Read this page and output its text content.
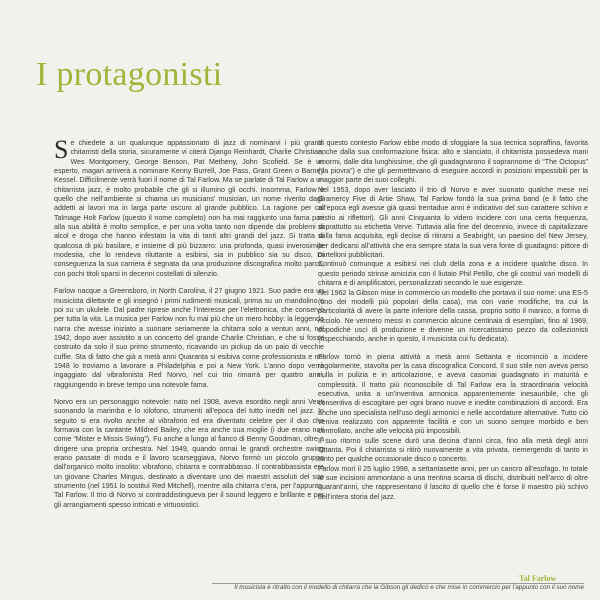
I protagonisti

Se chiedete a un qualunque appassionato di jazz di nominarvi i più grandi chitarristi della storia, sicuramente vi citerà Django Reinhardt, Charlie Christian, Wes Montgomery, George Benson, Pat Metheny, John Scofield. Se è un esperto, magari arriverà a nominare Kenny Burrell, Joe Pass, Grant Green o Barney Kessel. Difficilmente verrà fuori il nome di Tal Farlow. Ma se parlate di Tal Farlow a un chitarrista jazz, è molto probabile che gli si illumino gli occhi. Insomma, Farlow è quello che nell’ambiente si chiama un musicians’ musician, un nome riverito dagli addetti ai lavori ma in larga parte oscuro al grande pubblico. La ragione per cui Talmage Holt Farlow (questo il nome completo) non ha mai raggiunto una fama pari alla sua abilità è molto semplice, e per una volta tanto non dipende dai problemi di alcol e droga che hanno infestato la vita di tanti altri grandi del jazz. Si tratta di qualcosa di più basilare, e insieme di più bizzarro: una profonda, quasi inverosimile modestia, che lo rendeva riluttante a esibirsi, sia in pubblico sia su disco. Di conseguenza la sua carriera è segnata da una produzione discografica molto parca, con pochi titoli sparsi in decenni costellati di silenzio.

Farlow nacque a Greensboro, in North Carolina, il 27 giugno 1921. Suo padre era un musicista dilettante e gli insegnò i primi rudimenti musicali, prima su un mandolino e poi su un ukulele. Dal padre riprese anche l’interesse per l’elettronica, che conservò per tutta la vita. La musica per Farlow non fu mai più che un mero hobby: la leggenda narra che avesse iniziato a suonare seriamente la chitarra solo a ventun anni, nel 1942, dopo aver assistito a un concerto del grande Charlie Christian, e che si fosse costruito da solo il suo primo strumento, ricavando un pickup da un paio di vecchie cuffie. Sta di fatto che già a metà anni Quaranta si esibiva come professionista e nel 1948 lo troviamo a lavorare a Philadelphia e poi a New York. L’anno dopo verrà ingaggiato dal vibrafonista Red Norvo, nel cui trio rimarrà per quattro anni, raggiungendo in breve tempo una notevole fama.

Norvo era un personaggio notevole: nato nel 1908, aveva esordito negli anni Venti suonando la marimba e lo xilofono, strumenti all’epoca del tutto inediti nel jazz. In seguito si era rivolto anche al vibrafono ed era diventato celebre per il duo che formava con la cantante Mildred Bailey, che era anche sua moglie (i due erano noti come “Mister e Missis Swing”). Fu anche a lungo al fianco di Benny Goodman, oltre a dirigere una propria orchestra. Nel 1949, quando ormai le grandi orchestre swing erano passate di moda e il lavoro scarseggiava, Norvo formò un piccolo gruppo dall’organico molto insolito: vibrafono, chitarra e contrabbasso. Il contrabbassista era un giovane Charles Mingus, destinato a diventare uno dei maestri assoluti del suo strumento (nel 1951 lo sostituì Red Mitchell), mentre alla chitarra c’era, per l’appunto, Tal Farlow. Il trio di Norvo si contraddistingueva per il sound leggero e brillante e per gli arrangiamenti spesso intricati e virtuosistici.

In questo contesto Farlow ebbe modo di sfoggiare la sua tecnica sopraffina, favorita anche dalla sua conformazione fisica: alto e slanciato, il chitarrista possedeva mani enormi, dalle dita lunghissime, che gli guadagnarono il soprannome di “The Octopus” (“la piovra”) e che gli permettevano di eseguire accordi in posizioni impossibili per la maggior parte dei suoi colleghi.

Nel 1953, dopo aver lasciato il trio di Norvo e aver suonato qualche mese nei Gramercy Five di Artie Shaw, Tal Farlow fondò la sua prima band (e il fatto che all’epoca egli avesse già quasi trentadue anni è indicativo del suo carattere schivo e restio ai riflettori). Gli anni Cinquanta lo videro incidere con una certa frequenza, soprattutto su etichetta Verve. Tuttavia alla fine del decennio, invece di capitalizzare sulla fama acquisita, egli decise di ritirarsi a Seabright, un paesino del New Jersey, per dedicarsi all’attività che era sempre stata la sua vera fonte di guadagno: pittore di cartelloni pubblicitari.

Continuò comunque a esibirsi nei club della zona e a incidere qualche disco. In questo periodo strinse amicizia con il liutaio Phil Petillo, che gli costruì vari modelli di chitarra e di amplificatori, personalizzati secondo le sue esigenze.

Nel 1962 la Gibson mise in commercio un modello che portava il suo nome: una ES-5 (uno dei modelli più popolari della casa), ma con varie modifiche, tra cui la particolarità di avere la parte inferiore della cassa, proprio sotto il manico, a forma di ricciolo. Ne vennero messi in commercio alcune centinaia di esemplari, fino al 1969, dopodiché uscì di produzione e divenne un ricercatissimo pezzo da collezionisti (rispecchiando, anche in questo, il musicista cui fu dedicata).

Farlow tornò in piena attività a metà anni Settanta e ricominciò a incidere regolarmente, stavolta per la casa discografica Concord. Il suo stile non aveva perso nulla in pulizia e in articolazione, e aveva casomai guadagnato in maturità e complessità. Il tratto più riconoscibile di Tal Farlow era la straordinaria velocità esecutiva, unita a un’inventiva armonica apparentemente inesauribile, che gli consentiva di escogitare per ogni brano nuove e inedite combinazioni di accordi. Era anche uno specialista nell’uso degli armonici e nelle accordature alternative. Tutto ciò veniva realizzato con apparente facilità e con un suono sempre morbido e ben controllato, anche alle velocità più impossibili.

Il suo ritorno sulle scene durò una decina d’anni circa, fino alla metà degli anni Ottanta. Poi il chitarrista si ritirò nuovamente a vita privata, riemergendo di tanto in tanto per qualche occasionale disco o concerto.

Farlow morì il 25 luglio 1998, a settantasette anni, per un cancro all’esofago. In totale le sue incisioni ammontano a una trentina scarsa di dischi, distribuiti nell’arco di oltre quarant’anni, che rappresentano il lascito di quello che è forse il maestro più schivo dell’intera storia del jazz.

Tal Farlow
Il musicista è ritratto con il modello di chitarra che la Gibson gli dedicò e che mise in commercio per l’appunto con il suo nome
